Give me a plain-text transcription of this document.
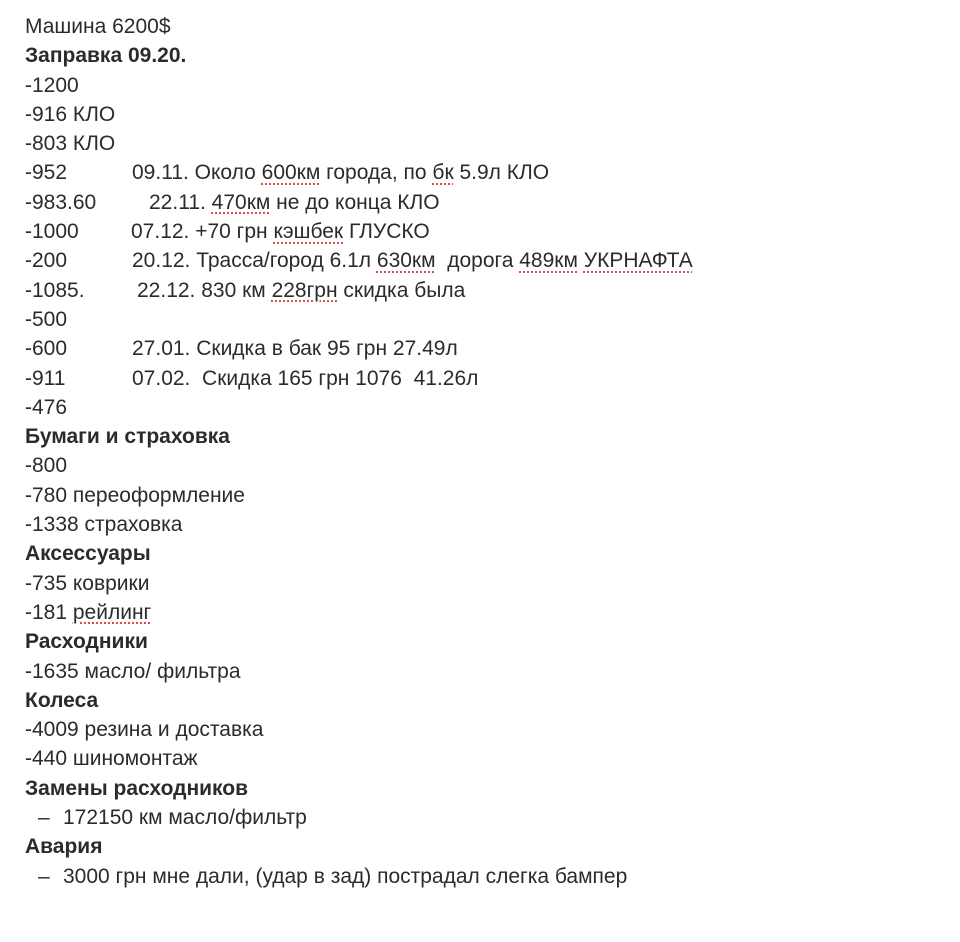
Машина 6200$
Заправка 09.20.
-1200
-916 КЛО
-803 КЛО
-952	09.11. Около 600км города, по бк 5.9л КЛО
-983.60	22.11. 470км не до конца КЛО
-1000 07.12. +70 грн кэшбек ГЛУСКО
-200	20.12. Трасса/город 6.1л 630км  дорога 489км УКРНАФТА
-1085. 22.12. 830 км 228грн скидка была
-500
-600	27.01. Скидка в бак 95 грн 27.49л
-911	07.02.  Скидка 165 грн 1076  41.26л
-476
Бумаги и страховка
-800
-780 переоформление
-1338 страховка
Аксессуары
-735 коврики
-181 рейлинг
Расходники
-1635 масло/ фильтра
Колеса
-4009 резина и доставка
-440 шиномонтаж
Замены расходников
– 172150 км масло/фильтр
Авария
– 3000 грн мне дали, (удар в зад) пострадал слегка бампер
